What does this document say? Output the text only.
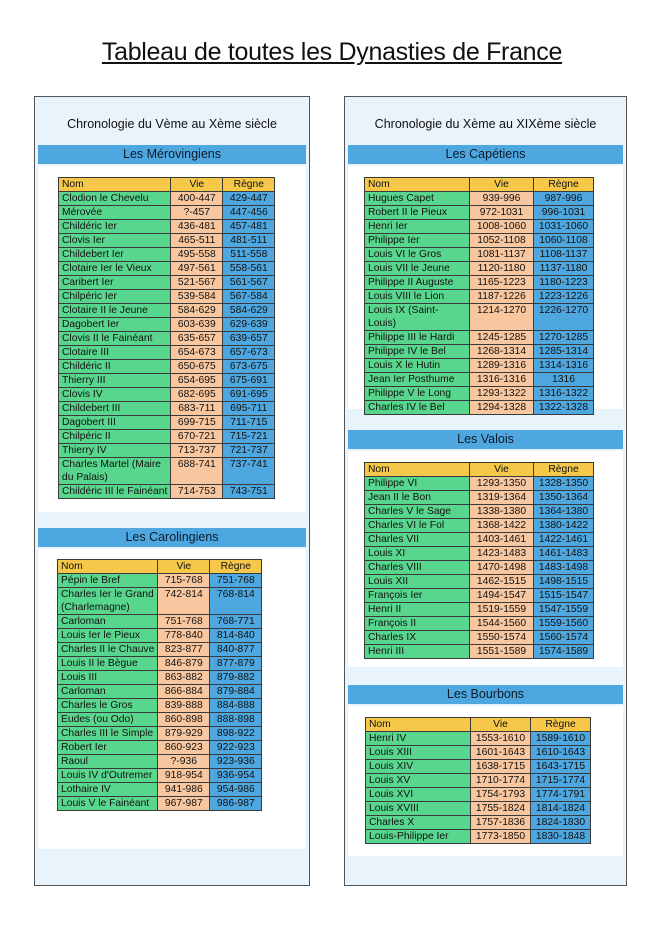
Tableau de toutes les Dynasties de France
Chronologie du Vème au Xème siècle
Les Mérovingiens
Nom	Vie	Règne
Clodion le Chevelu	400-447	429-447
Mérovée	?-457	447-456
Childéric Ier	436-481	457-481
Clovis Ier	465-511	481-511
Childebert Ier	495-558	511-558
Clotaire Ier le Vieux	497-561	558-561
Caribert Ier	521-567	561-567
Chilpéric Ier	539-584	567-584
Clotaire II le Jeune	584-629	584-629
Dagobert Ier	603-639	629-639
Clovis II le Fainéant	635-657	639-657
Clotaire III	654-673	657-673
Childéric II	650-675	673-675
Thierry III	654-695	675-691
Clovis IV	682-695	691-695
Childebert III	683-711	695-711
Dagobert III	699-715	711-715
Chilpéric II	670-721	715-721
Thierry IV	713-737	721-737
Charles Martel (Maire du Palais)	688-741	737-741
Childéric III le Fainéant	714-753	743-751
Les Carolingiens
Nom	Vie	Règne
Pépin le Bref	715-768	751-768
Charles Ier le Grand (Charlemagne)	742-814	768-814
Carloman	751-768	768-771
Louis Ier le Pieux	778-840	814-840
Charles II le Chauve	823-877	840-877
Louis II le Bègue	846-879	877-879
Louis III	863-882	879-882
Carloman	866-884	879-884
Charles le Gros	839-888	884-888
Eudes (ou Odo)	860-898	888-898
Charles III le Simple	879-929	898-922
Robert Ier	860-923	922-923
Raoul	?-936	923-936
Louis IV d'Outremer	918-954	936-954
Lothaire IV	941-986	954-986
Louis V le Fainéant	967-987	986-987
Chronologie du Xème au XIXème siècle
Les Capétiens
Nom	Vie	Règne
Hugues Capet	939-996	987-996
Robert II le Pieux	972-1031	996-1031
Henri Ier	1008-1060	1031-1060
Philippe Ier	1052-1108	1060-1108
Louis VI le Gros	1081-1137	1108-1137
Louis VII le Jeune	1120-1180	1137-1180
Philippe II Auguste	1165-1223	1180-1223
Louis VIII le Lion	1187-1226	1223-1226
Louis IX (Saint-Louis)	1214-1270	1226-1270
Philippe III le Hardi	1245-1285	1270-1285
Philippe IV le Bel	1268-1314	1285-1314
Louis X le Hutin	1289-1316	1314-1316
Jean Ier Posthume	1316-1316	1316
Philippe V le Long	1293-1322	1316-1322
Charles IV le Bel	1294-1328	1322-1328
Les Valois
Nom	Vie	Règne
Philippe VI	1293-1350	1328-1350
Jean II le Bon	1319-1364	1350-1364
Charles V le Sage	1338-1380	1364-1380
Charles VI le Fol	1368-1422	1380-1422
Charles VII	1403-1461	1422-1461
Louis XI	1423-1483	1461-1483
Charles VIII	1470-1498	1483-1498
Louis XII	1462-1515	1498-1515
François Ier	1494-1547	1515-1547
Henri II	1519-1559	1547-1559
François II	1544-1560	1559-1560
Charles IX	1550-1574	1560-1574
Henri III	1551-1589	1574-1589
Les Bourbons
Nom	Vie	Règne
Henri IV	1553-1610	1589-1610
Louis XIII	1601-1643	1610-1643
Louis XIV	1638-1715	1643-1715
Louis XV	1710-1774	1715-1774
Louis XVI	1754-1793	1774-1791
Louis XVIII	1755-1824	1814-1824
Charles X	1757-1836	1824-1830
Louis-Philippe Ier	1773-1850	1830-1848
